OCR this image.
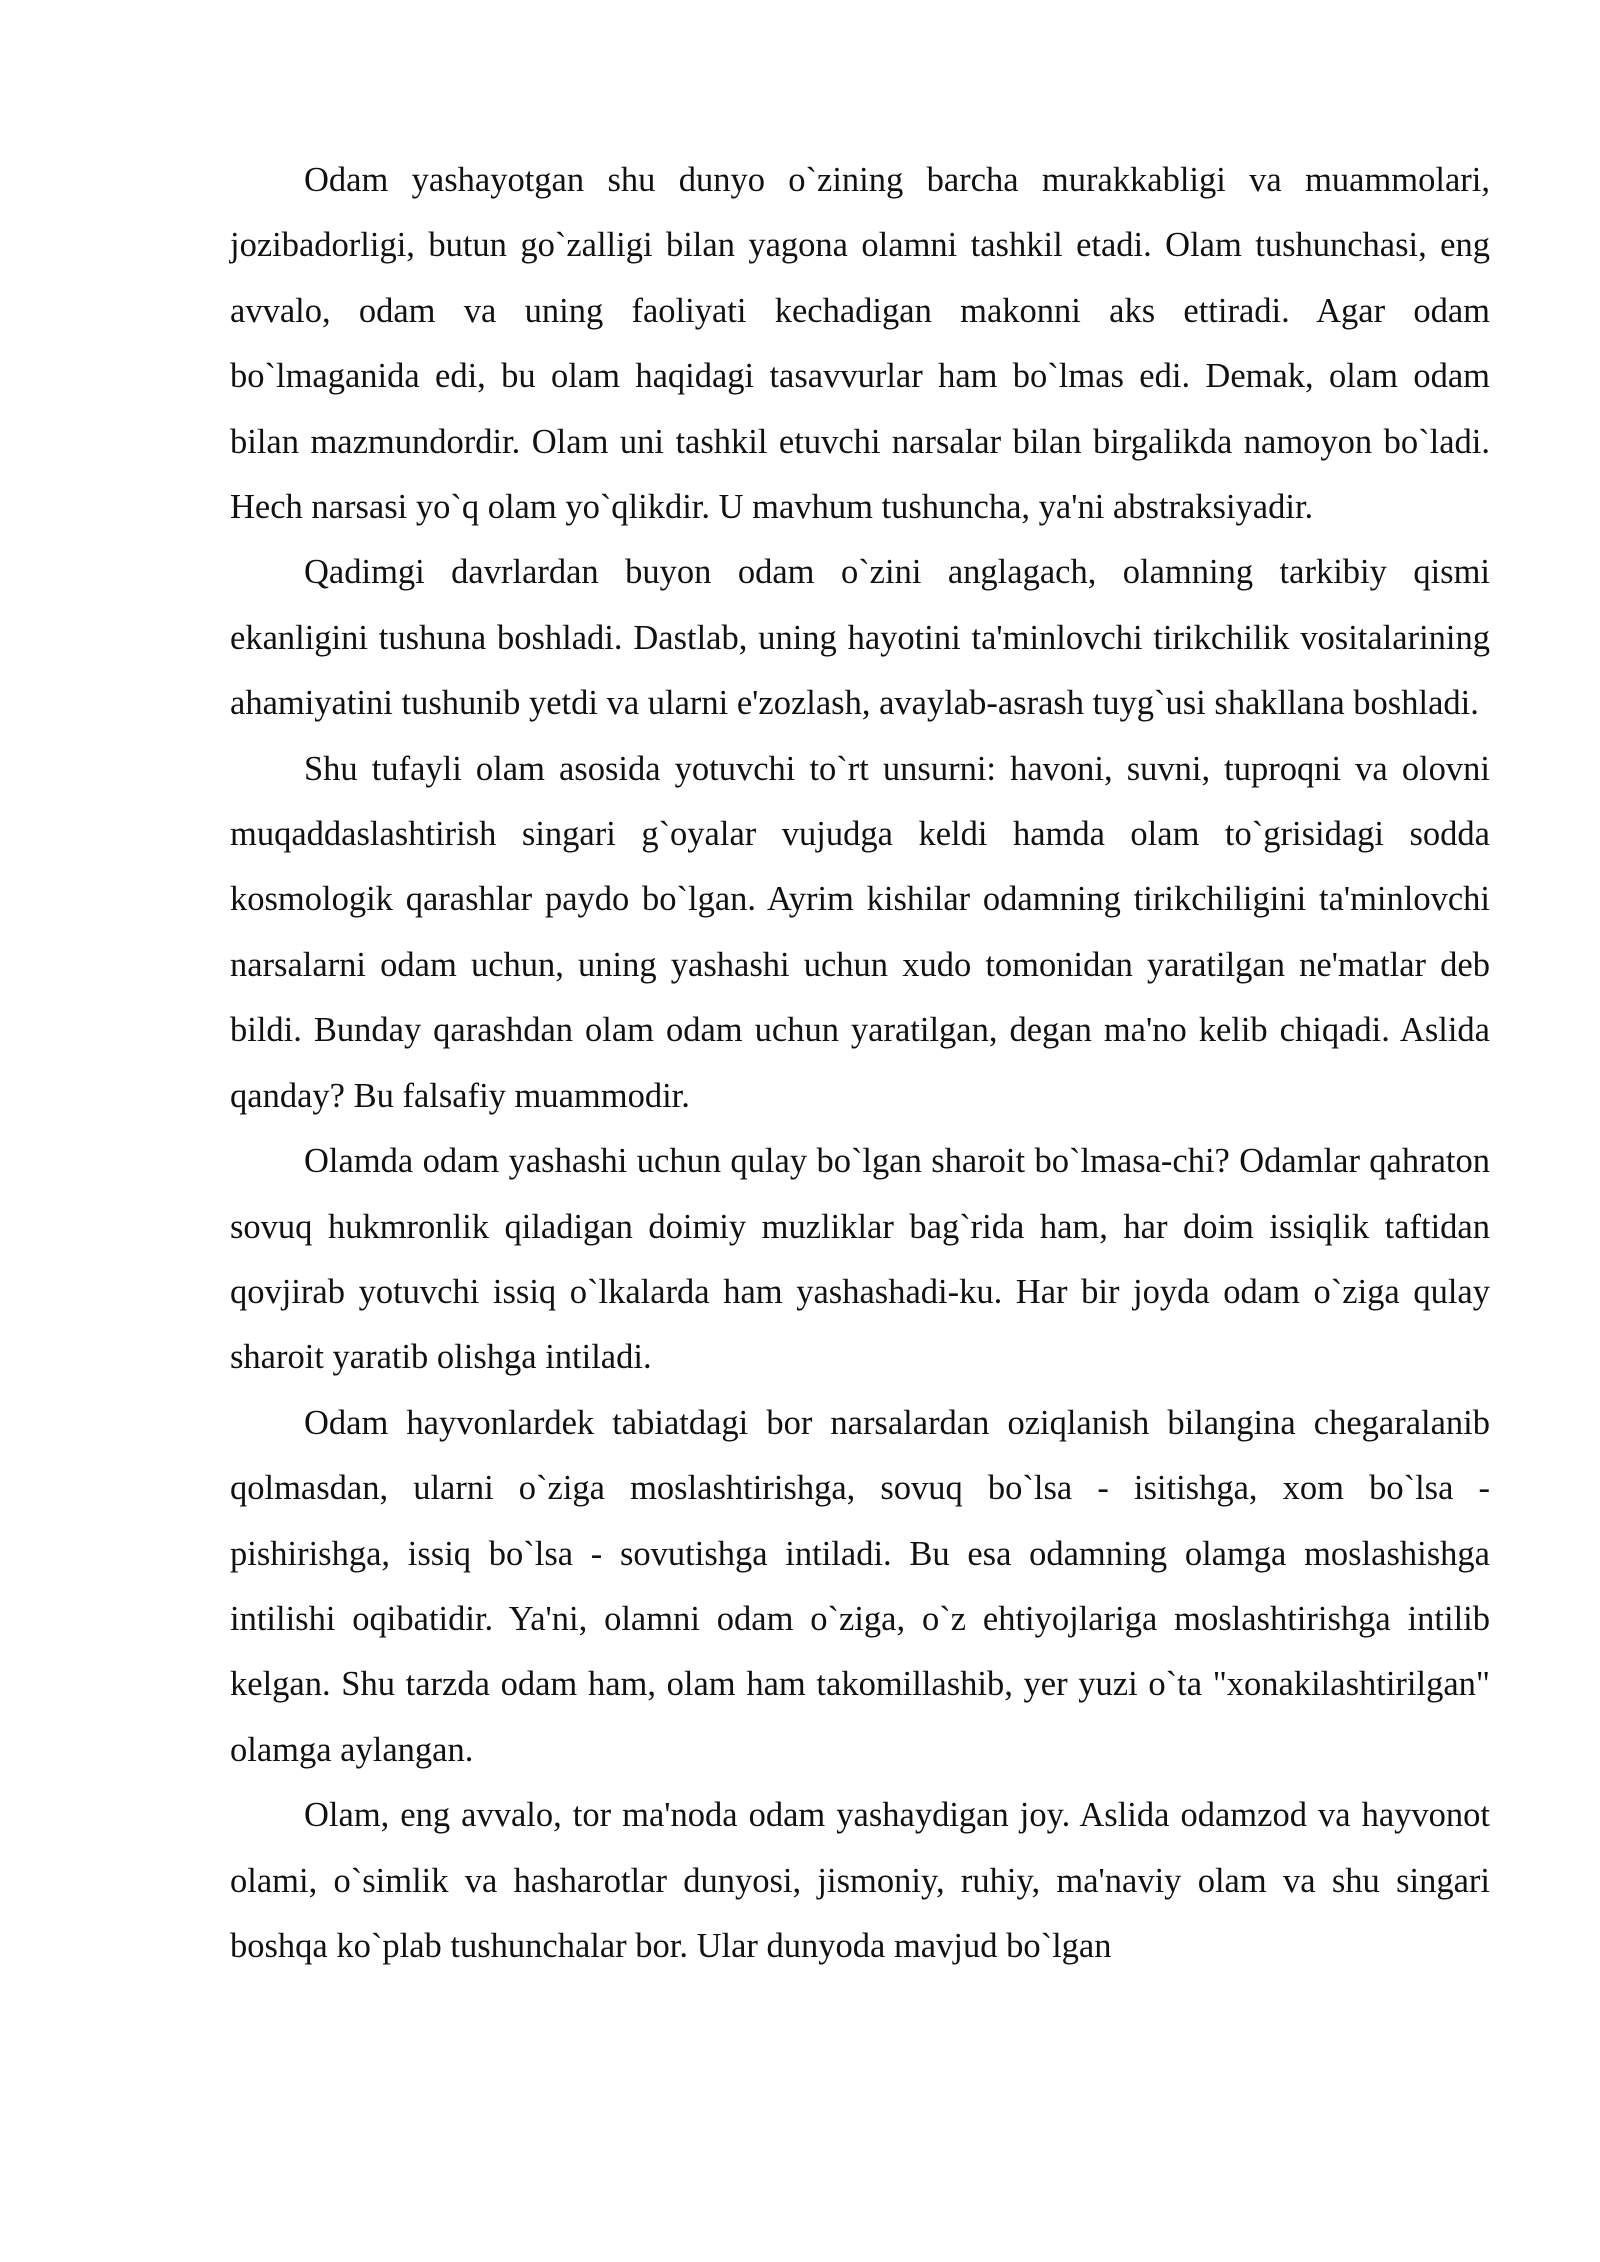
Odam yashayotgan shu dunyo o`zining barcha murakkabligi va muammolari, jozibadorligi, butun go`zalligi bilan yagona olamni tashkil etadi. Olam tushunchasi, eng avvalo, odam va uning faoliyati kechadigan makonni aks ettiradi. Agar odam bo`lmaganida edi, bu olam haqidagi tasavvurlar ham bo`lmas edi. Demak, olam odam bilan mazmundordir. Olam uni tashkil etuvchi narsalar bilan birgalikda namoyon bo`ladi. Hech narsasi yo`q olam yo`qlikdir. U mavhum tushuncha, ya'ni abstraksiyadir.

Qadimgi davrlardan buyon odam o`zini anglagach, olamning tarkibiy qismi ekanligini tushuna boshladi. Dastlab, uning hayotini ta'minlovchi tirikchilik vositalarining ahamiyatini tushunib yetdi va ularni e'zozlash, avaylab-asrash tuyg`usi shakllana boshladi.

Shu tufayli olam asosida yotuvchi to`rt unsurni: havoni, suvni, tuproqni va olovni muqaddaslashtirish singari g`oyalar vujudga keldi hamda olam to`grisidagi sodda kosmologik qarashlar paydo bo`lgan. Ayrim kishilar odamning tirikchiligini ta'minlovchi narsalarni odam uchun, uning yashashi uchun xudo tomonidan yaratilgan ne'matlar deb bildi. Bunday qarashdan olam odam uchun yaratilgan, degan ma'no kelib chiqadi. Aslida qanday? Bu falsafiy muammodir.

Olamda odam yashashi uchun qulay bo`lgan sharoit bo`lmasa-chi? Odamlar qahraton sovuq hukmronlik qiladigan doimiy muzliklar bag`rida ham, har doim issiqlik taftidan qovjirab yotuvchi issiq o`lkalarda ham yashashadi-ku. Har bir joyda odam o`ziga qulay sharoit yaratib olishga intiladi.

Odam hayvonlardek tabiatdagi bor narsalardan oziqlanish bilangina chegaralanib qolmasdan, ularni o`ziga moslashtirishga, sovuq bo`lsa - isitishga, xom bo`lsa - pishirishga, issiq bo`lsa - sovutishga intiladi. Bu esa odamning olamga moslashishga intilishi oqibatidir. Ya'ni, olamni odam o`ziga, o`z ehtiyojlariga moslashtirishga intilib kelgan. Shu tarzda odam ham, olam ham takomillashib, yer yuzi o`ta "xonakilashtirilgan" olamga aylangan.

Olam, eng avvalo, tor ma'noda odam yashaydigan joy. Aslida odamzod va hayvonot olami, o`simlik va hasharotlar dunyosi, jismoniy, ruhiy, ma'naviy olam va shu singari boshqa ko`plab tushunchalar bor. Ular dunyoda mavjud bo`lgan
